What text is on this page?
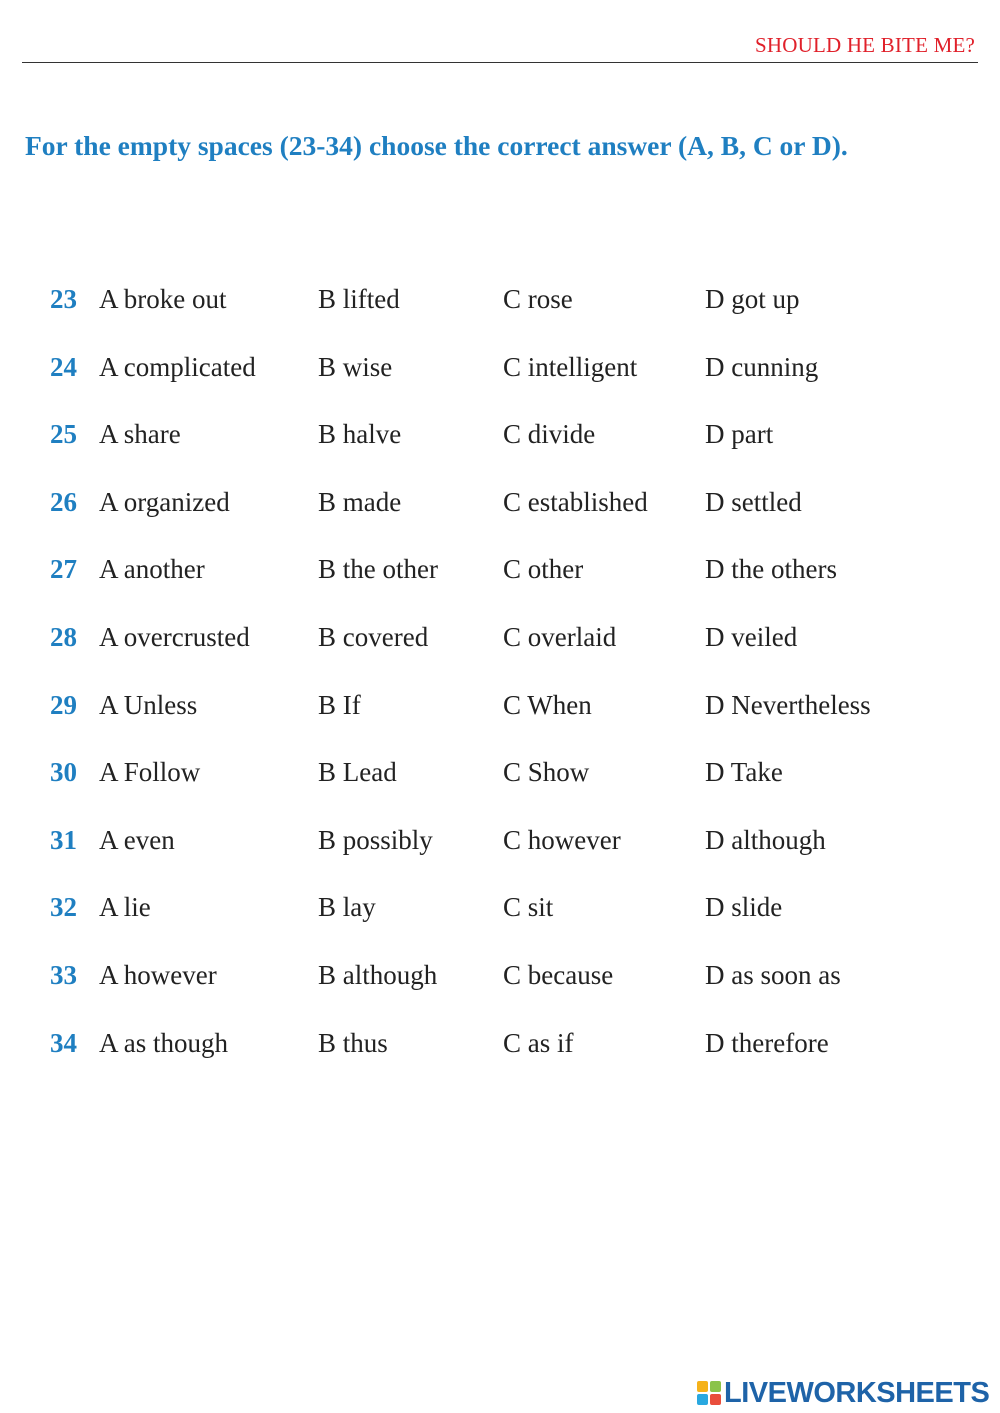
SHOULD HE BITE ME?
For the empty spaces (23-34) choose the correct answer (A, B, C or D).
23 A broke out	B lifted	C rose	D got up
24 A complicated B wise	C intelligent	D cunning
25 A share	B halve	C divide	D part
26 A organized	B made	C established D settled
27 A another	B the other C other	D the others
28 A overcrusted	B covered	C overlaid	D veiled
29 A Unless	B If	C When	D Nevertheless
30 A Follow	B Lead	C Show	D Take
31 A even	B possibly	C however	D although
32 A lie	B lay	C sit	D slide
33 A however	B although C because	D as soon as
34 A as though	B thus	C as if	D therefore
LIVEWORKSHEETS
